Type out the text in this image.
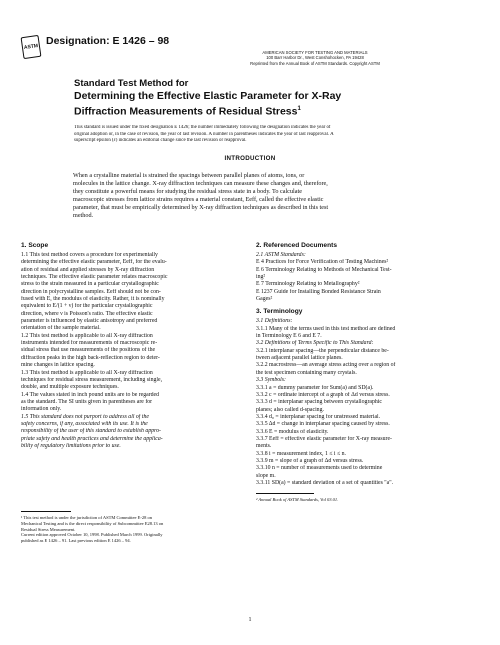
ASTM
Designation: E 1426 – 98
AMERICAN SOCIETY FOR TESTING AND MATERIALS
100 Barr Harbor Dr., West Conshohocken, PA 19428
Reprinted from the Annual Book of ASTM Standards. Copyright ASTM
Standard Test Method for
Determining the Effective Elastic Parameter for X-Ray
Diffraction Measurements of Residual Stress$^1$
This standard is issued under the fixed designation E 1426; the number immediately following the designation indicates the year of
original adoption or, in the case of revision, the year of last revision. A number in parentheses indicates the year of last reapproval. A
superscript epsilon (ε) indicates an editorial change since the last revision or reapproval.
INTRODUCTION
When a crystalline material is strained the spacings between parallel planes of atoms, ions, or
molecules in the lattice change. X-ray diffraction techniques can measure these changes and, therefore,
they constitute a powerful means for studying the residual stress state in a body. To calculate
macroscopic stresses from lattice strains requires a material constant, Eeff, called the effective elastic
parameter, that must be empirically determined by X-ray diffraction techniques as described in this test
method.
1. Scope
1.1 This test method covers a procedure for experimentally
determining the effective elastic parameter, Eeff, for the evalu-
ation of residual and applied stresses by X-ray diffraction
techniques. The effective elastic parameter relates macroscopic
stress to the strain measured in a particular crystallographic
direction in polycrystalline samples. Eeff should not be con-
fused with E, the modulus of elasticity. Rather, it is nominally
equivalent to E/(1 + ν) for the particular crystallographic
direction, where ν is Poisson's ratio. The effective elastic
parameter is influenced by elastic anisotropy and preferred
orientation of the sample material.
1.2 This test method is applicable to all X-ray diffraction
instruments intended for measurements of macroscopic re-
sidual stress that use measurements of the positions of the
diffraction peaks in the high back-reflection region to deter-
mine changes in lattice spacing.
1.3 This test method is applicable to all X-ray diffraction
techniques for residual stress measurement, including single,
double, and multiple exposure techniques.
1.4 The values stated in inch pound units are to be regarded
as the standard. The SI units given in parentheses are for
information only.
1.5 This standard does not purport to address all of the
safety concerns, if any, associated with its use. It is the
responsibility of the user of this standard to establish appro-
priate safety and health practices and determine the applica-
bility of regulatory limitations prior to use.
¹ This test method is under the jurisdiction of ASTM Committee E-28 on
Mechanical Testing and is the direct responsibility of Subcommittee E28.13 on
Residual Stress Measurement.
Current edition approved October 10, 1998. Published March 1999. Originally
published as E 1426 – 91. Last previous edition E 1426 – 94.
2. Referenced Documents
2.1 ASTM Standards:
E 4 Practices for Force Verification of Testing Machines²
E 6 Terminology Relating to Methods of Mechanical Test-
ing²
E 7 Terminology Relating to Metallography²
E 1237 Guide for Installing Bonded Resistance Strain
Gages²
3. Terminology
3.1 Definitions:
3.1.1 Many of the terms used in this test method are defined
in Terminology E 6 and E 7.
3.2 Definitions of Terms Specific to This Standard:
3.2.1 interplanar spacing—the perpendicular distance be-
tween adjacent parallel lattice planes.
3.2.2 macrostress—an average stress acting over a region of
the test specimen containing many crystals.
3.3 Symbols:
3.3.1 a = dummy parameter for Sum(a) and SD(a).
3.3.2 c = ordinate intercept of a graph of Δd versus stress.
3.3.3 d = interplanar spacing between crystallographic
planes; also called d-spacing.
3.3.4 d₀ = interplanar spacing for unstressed material.
3.3.5 Δd = change in interplanar spacing caused by stress.
3.3.6 E = modulus of elasticity.
3.3.7 Eeff = effective elastic parameter for X-ray measure-
ments.
3.3.8 i = measurement index, 1 ≤ i ≤ n.
3.3.9 m = slope of a graph of Δd versus stress.
3.3.10 n = number of measurements used to determine
slope m.
3.3.11 SD(a) = standard deviation of a set of quantities "a".
² Annual Book of ASTM Standards, Vol 03.01.
1
